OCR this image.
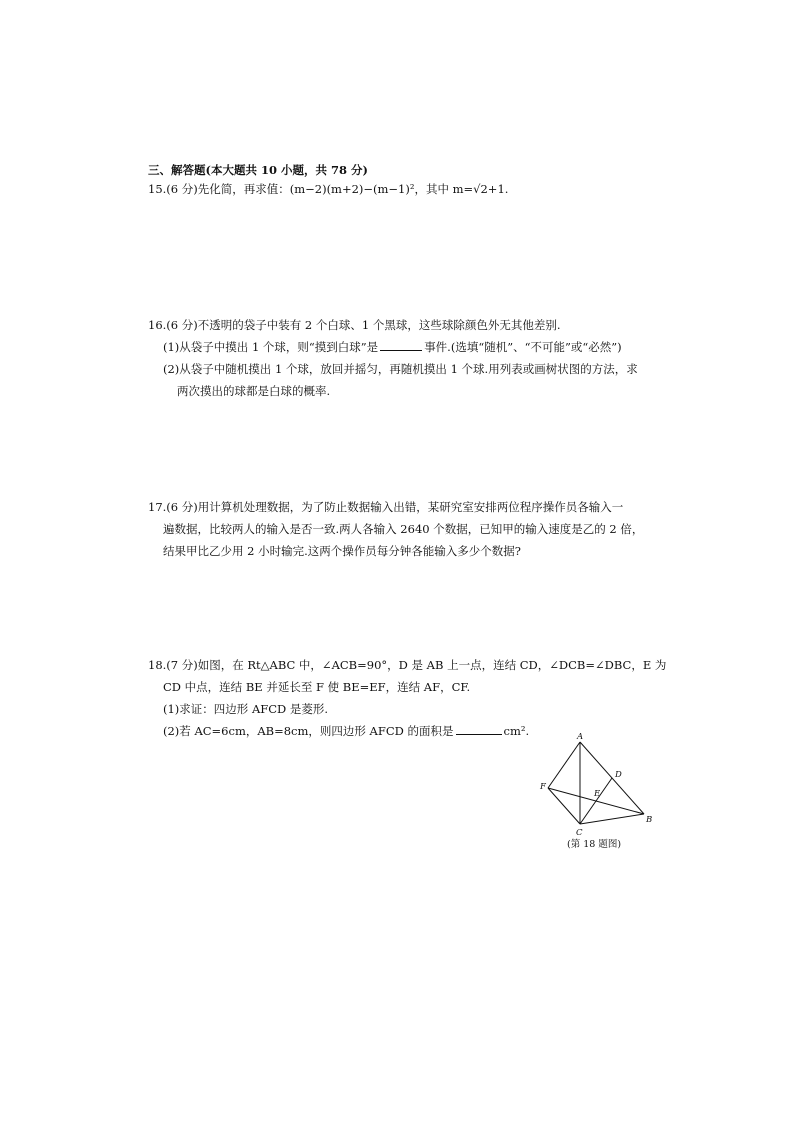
三、解答题(本大题共 10 小题，共 78 分)
15.(6 分)先化简，再求值：(m−2)(m+2)−(m−1)²，其中 m=√2+1.
16.(6 分)不透明的袋子中装有 2 个白球、1 个黑球，这些球除颜色外无其他差别.
(1)从袋子中摸出 1 个球，则“摸到白球”是	事件.(选填“随机”、“不可能”或“必然”)
(2)从袋子中随机摸出 1 个球，放回并摇匀，再随机摸出 1 个球.用列表或画树状图的方法，求
两次摸出的球都是白球的概率.
17.(6 分)用计算机处理数据，为了防止数据输入出错，某研究室安排两位程序操作员各输入一
遍数据，比较两人的输入是否一致.两人各输入 2640 个数据，已知甲的输入速度是乙的 2 倍，
结果甲比乙少用 2 小时输完.这两个操作员每分钟各能输入多少个数据?
18.(7 分)如图，在 Rt△ABC 中，∠ACB=90°，D 是 AB 上一点，连结 CD，∠DCB=∠DBC，E 为
CD 中点，连结 BE 并延长至 F 使 BE=EF，连结 AF，CF.
(1)求证：四边形 AFCD 是菱形.
(2)若 AC=6cm，AB=8cm，则四边形 AFCD 的面积是	cm².	A
B
C
D
E
F
(第 18 题图)
